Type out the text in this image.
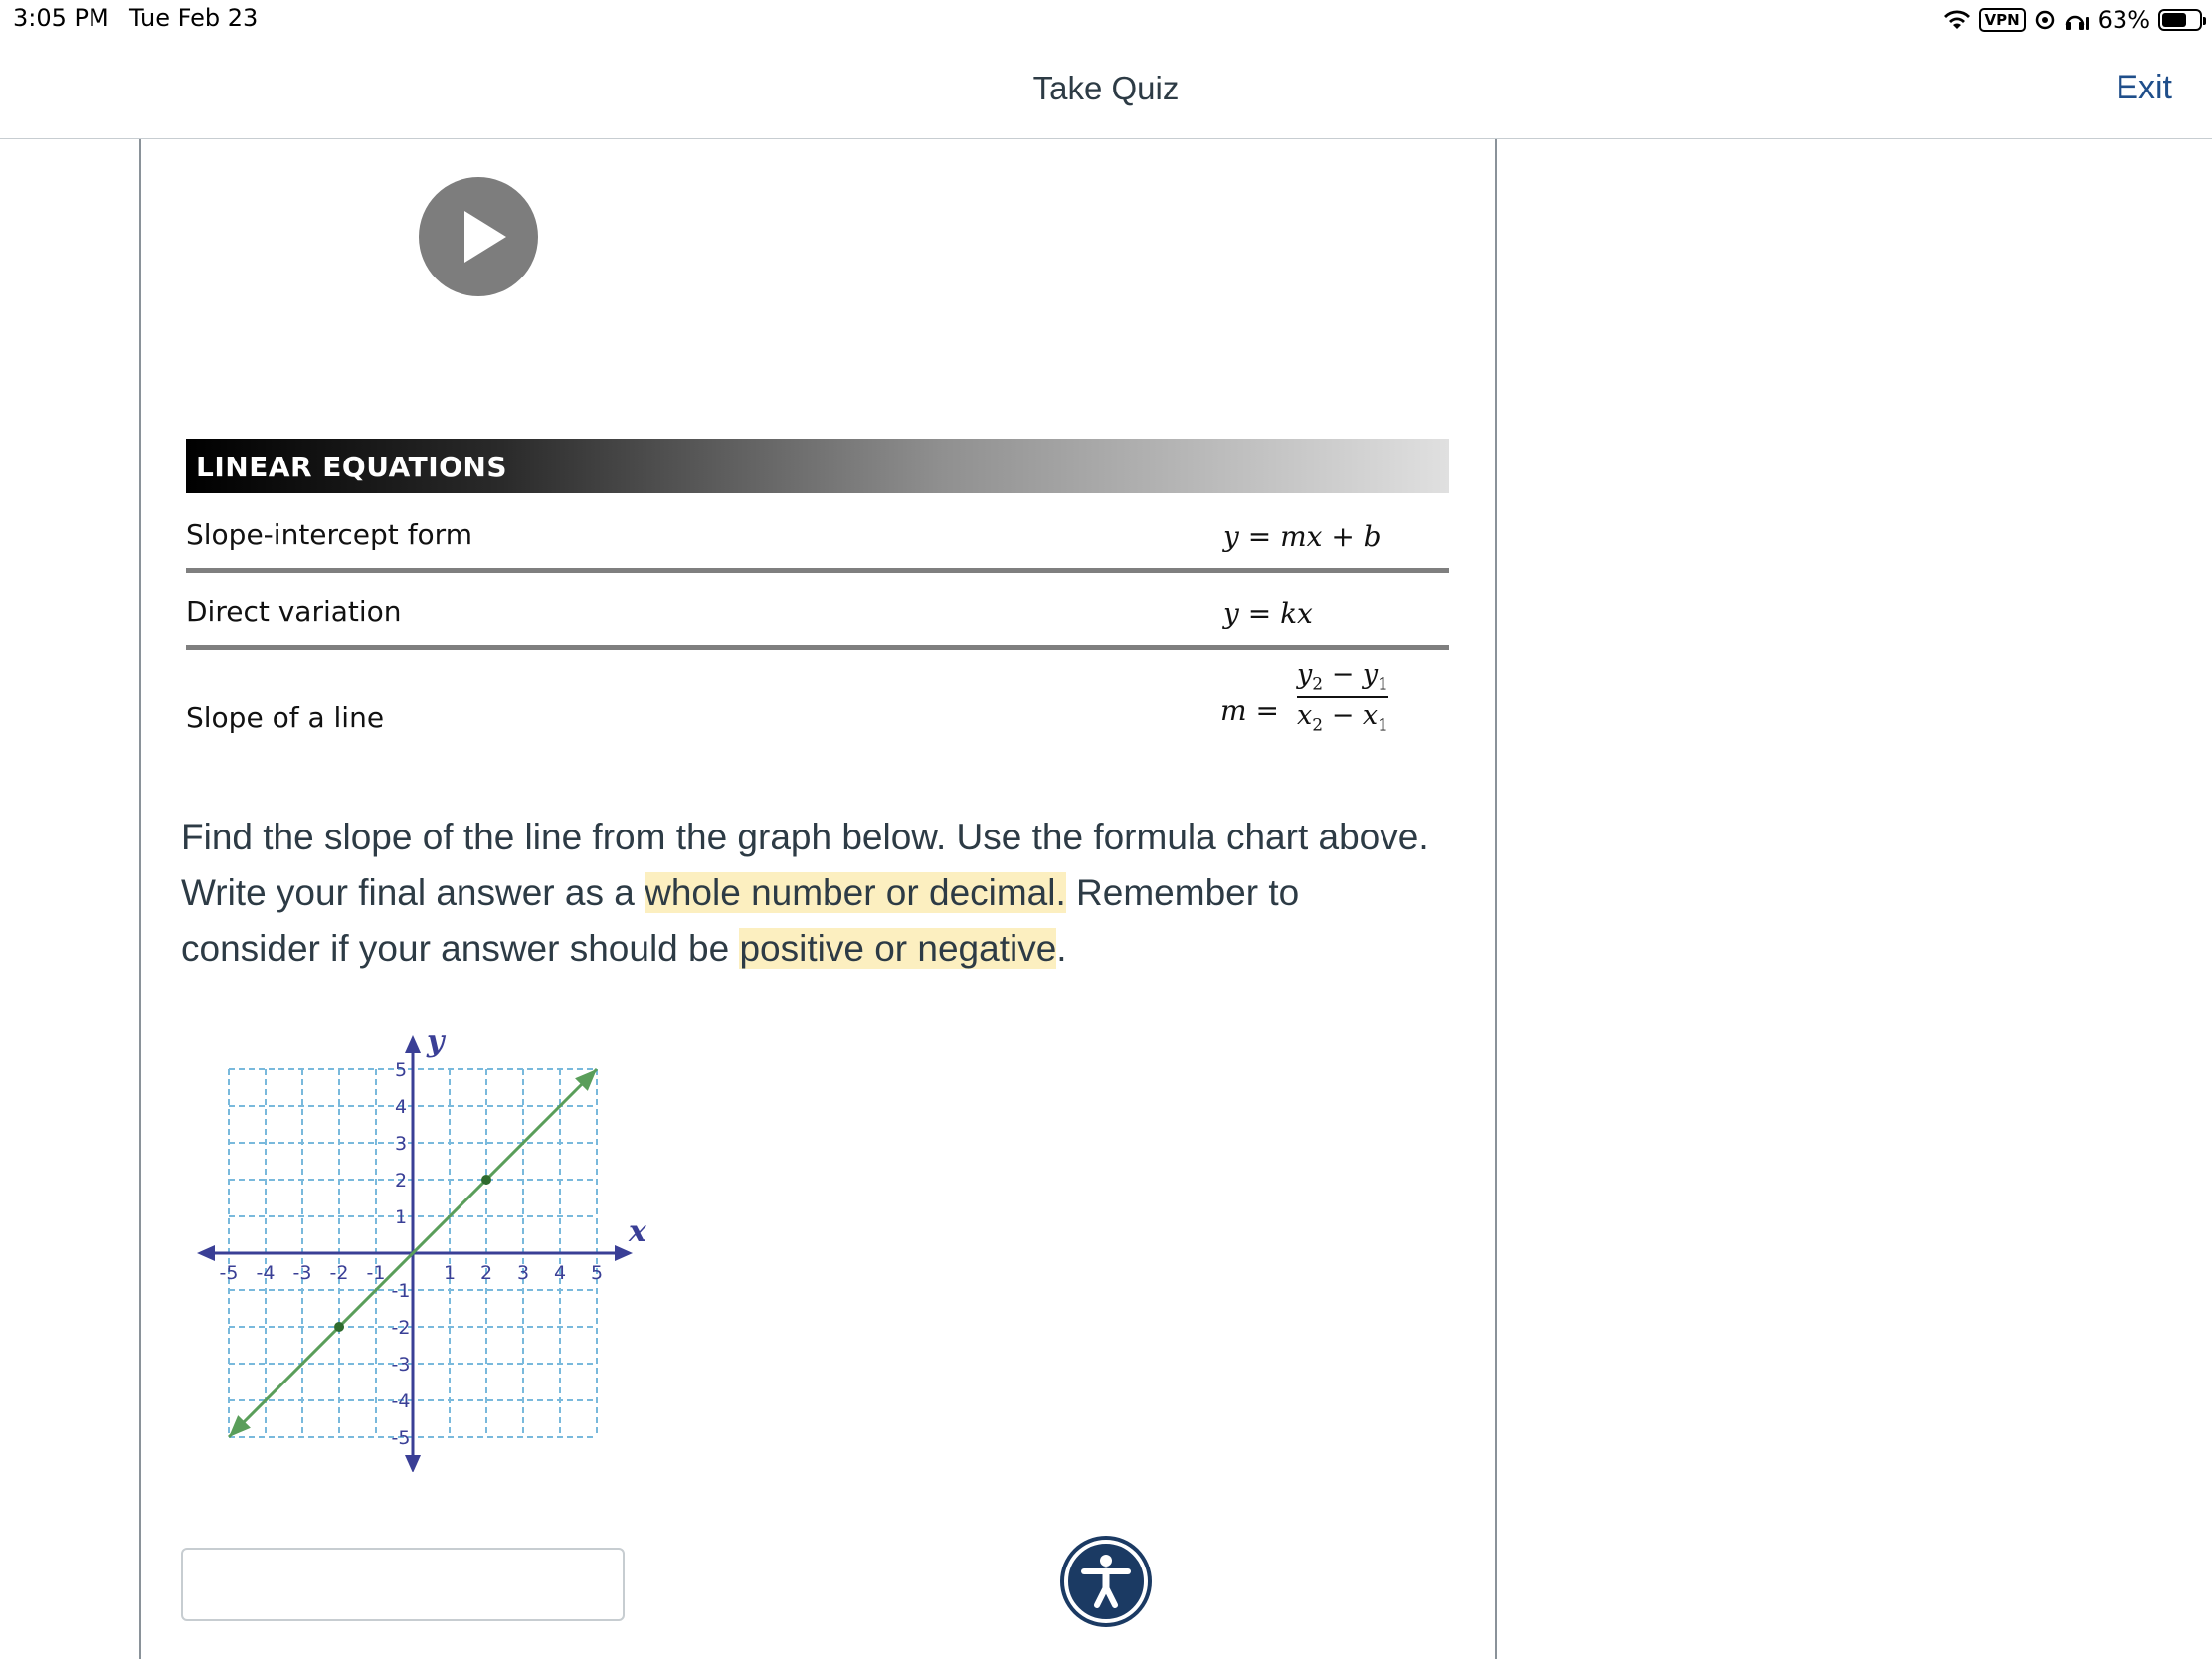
3:05 PM Tue Feb 23	VPN	63%
Take Quiz	Exit
LINEAR EQUATIONS
Slope-intercept form	y = mx + b
Direct variation	y = kx
Slope of a line	m =
$y_2 - y_1$
$x_2 - x_1$
Find the slope of the line from the graph below. Use the formula chart above. Write your final answer as a whole number or decimal. Remember to consider if your answer should be positive or negative.
-5 -4 -3 -2 -1	1 2 3 4 5
5
4
3
2
1
-1
-2
-3
-4
-5
x
y
